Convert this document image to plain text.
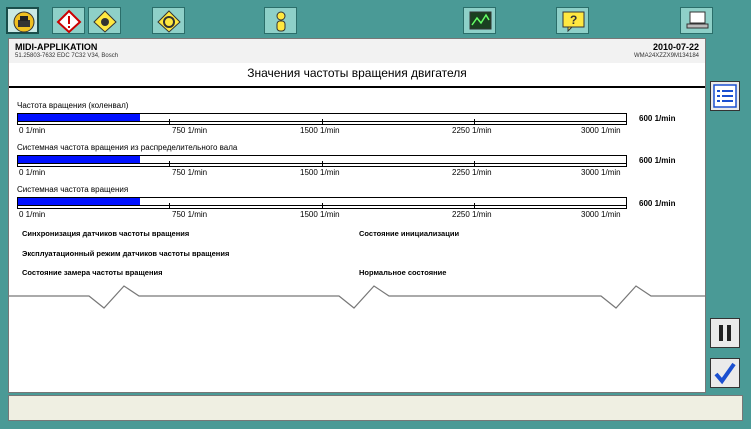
?
MIDI-APPLIKATION
51.25803-7632 EDC 7C32 V34, Bosch
2010-07-22
WMA24XZZX9M134184
Значения частоты вращения двигателя
Частота вращения (коленвал)
0 1/min	750 1/min	1500 1/min	2250 1/min	3000 1/min
600 1/min
Системная частота вращения из распределительного вала
0 1/min	750 1/min	1500 1/min	2250 1/min	3000 1/min
600 1/min
Системная частота вращения
0 1/min	750 1/min	1500 1/min	2250 1/min	3000 1/min
600 1/min
Синхронизация датчиков частоты вращения	Состояние инициализации
Эксплуатационный режим датчиков частоты вращения
Состояние замера частоты вращения	Нормальное состояние
